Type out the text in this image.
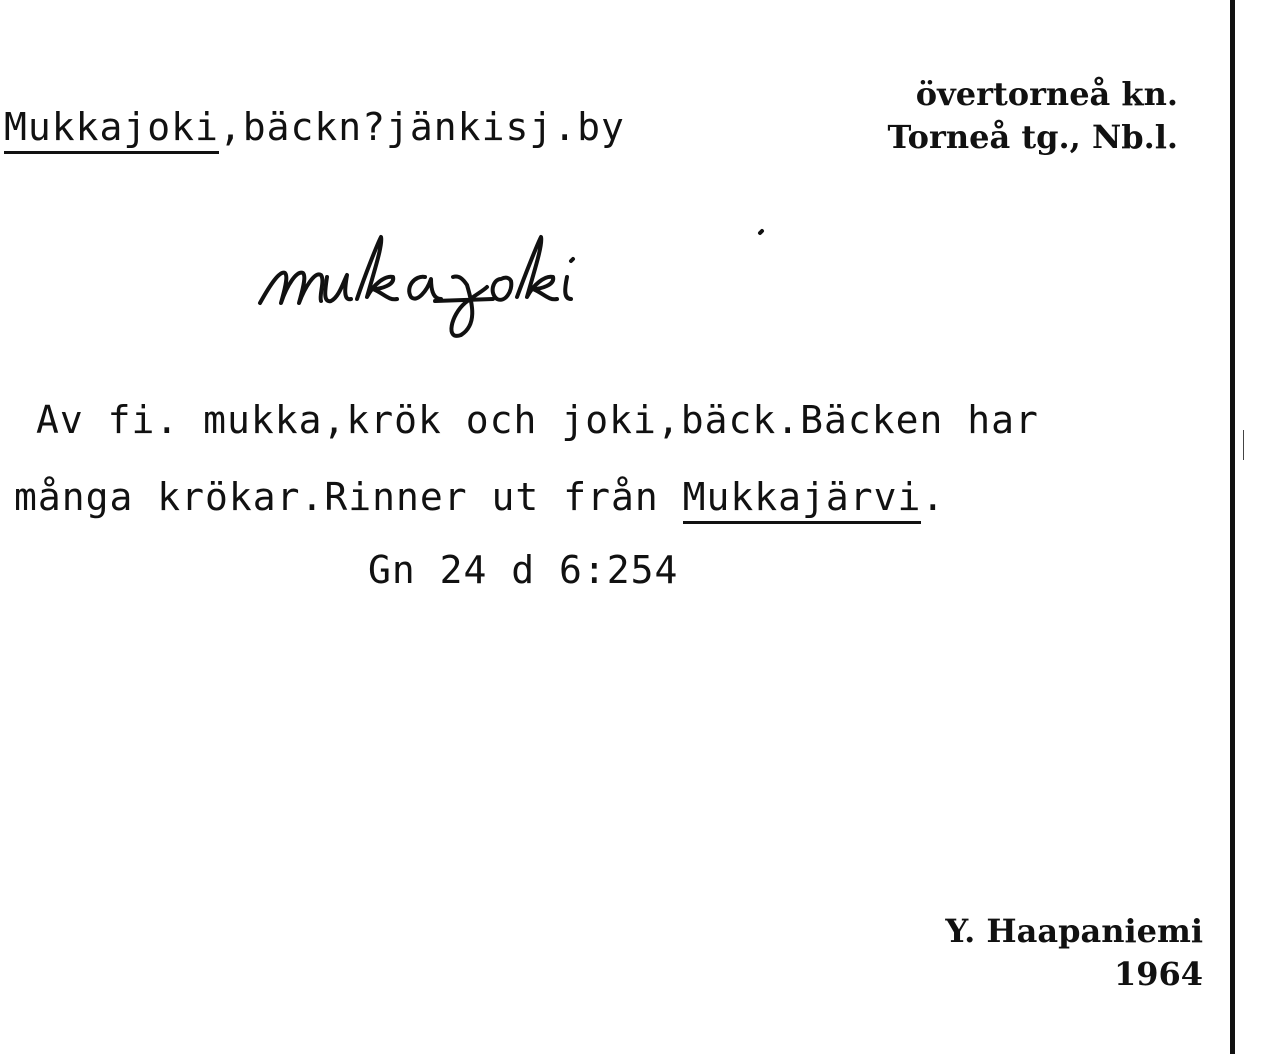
Mukkajoki,bäckn?jänkisj.by
övertorneå kn.
Torneå tg., Nb.l.
Av fi. mukka,krök och joki,bäck.Bäcken har
många krökar.Rinner ut från Mukkajärvi.
Gn 24 d 6:254
Y. Haapaniemi
1964
